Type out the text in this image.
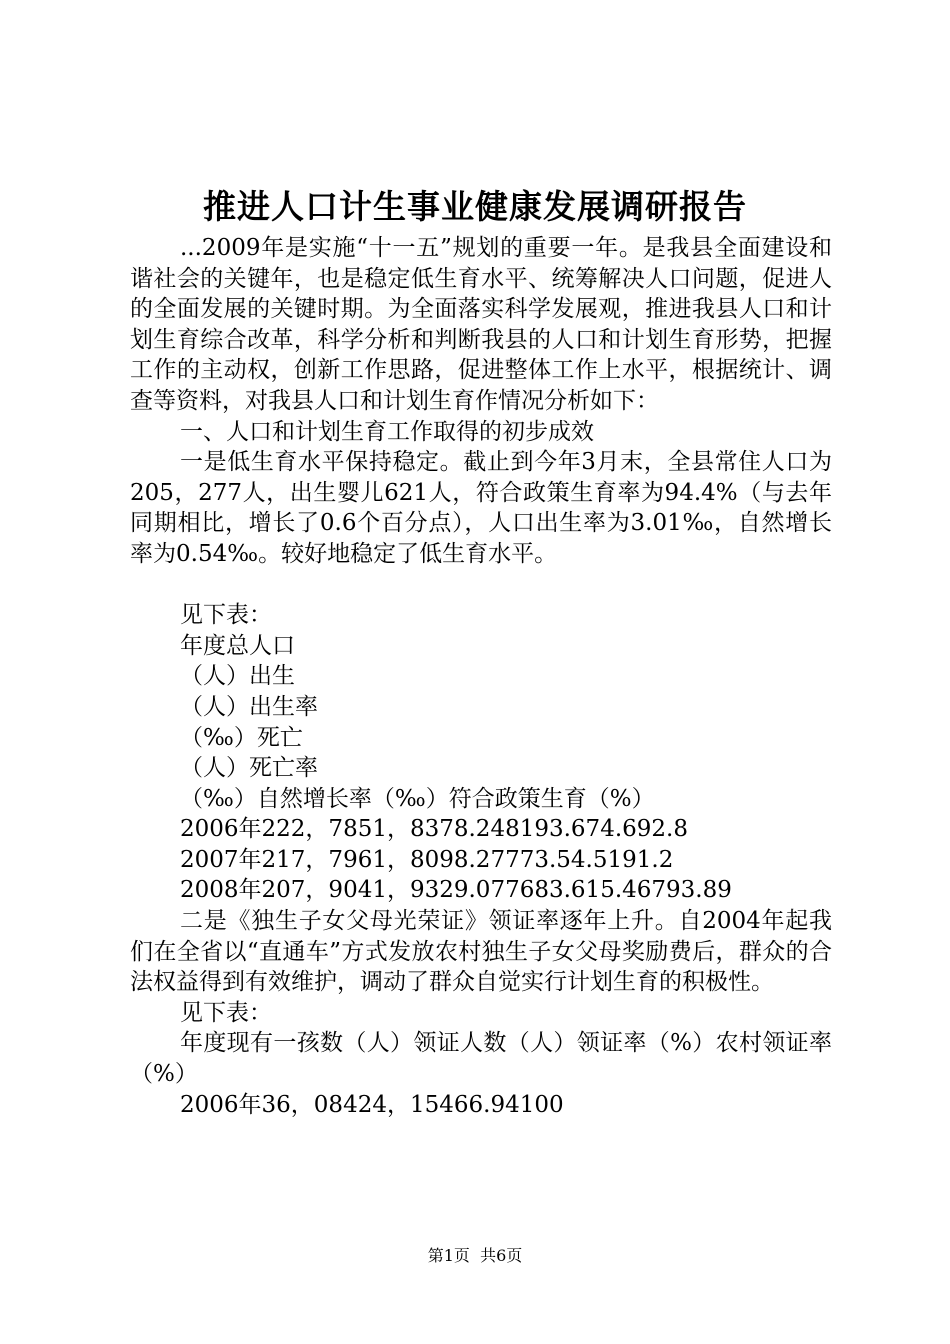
推进人口计生事业健康发展调研报告

...2009年是实施“十一五”规划的重要一年。是我县全面建设和谐社会的关键年，也是稳定低生育水平、统筹解决人口问题，促进人的全面发展的关键时期。为全面落实科学发展观，推进我县人口和计划生育综合改革，科学分析和判断我县的人口和计划生育形势，把握工作的主动权，创新工作思路，促进整体工作上水平，根据统计、调查等资料，对我县人口和计划生育作情况分析如下：

一、人口和计划生育工作取得的初步成效

一是低生育水平保持稳定。截止到今年3月末，全县常住人口为205，277人，出生婴儿621人，符合政策生育率为94.4%（与去年同期相比，增长了0.6个百分点），人口出生率为3.01‰，自然增长率为0.54‰。较好地稳定了低生育水平。

见下表：

年度总人口

（人）出生

（人）出生率

（‰）死亡

（人）死亡率

（‰）自然增长率（‰）符合政策生育（%）

2006年222，7851，8378.248193.674.692.8

2007年217，7961，8098.27773.54.5191.2

2008年207，9041，9329.077683.615.46793.89

二是《独生子女父母光荣证》领证率逐年上升。自2004年起我们在全省以“直通车”方式发放农村独生子女父母奖励费后，群众的合法权益得到有效维护，调动了群众自觉实行计划生育的积极性。

见下表：

年度现有一孩数（人）领证人数（人）领证率（%）农村领证率（%）

2006年36，08424，15466.94100

第1页 共6页
